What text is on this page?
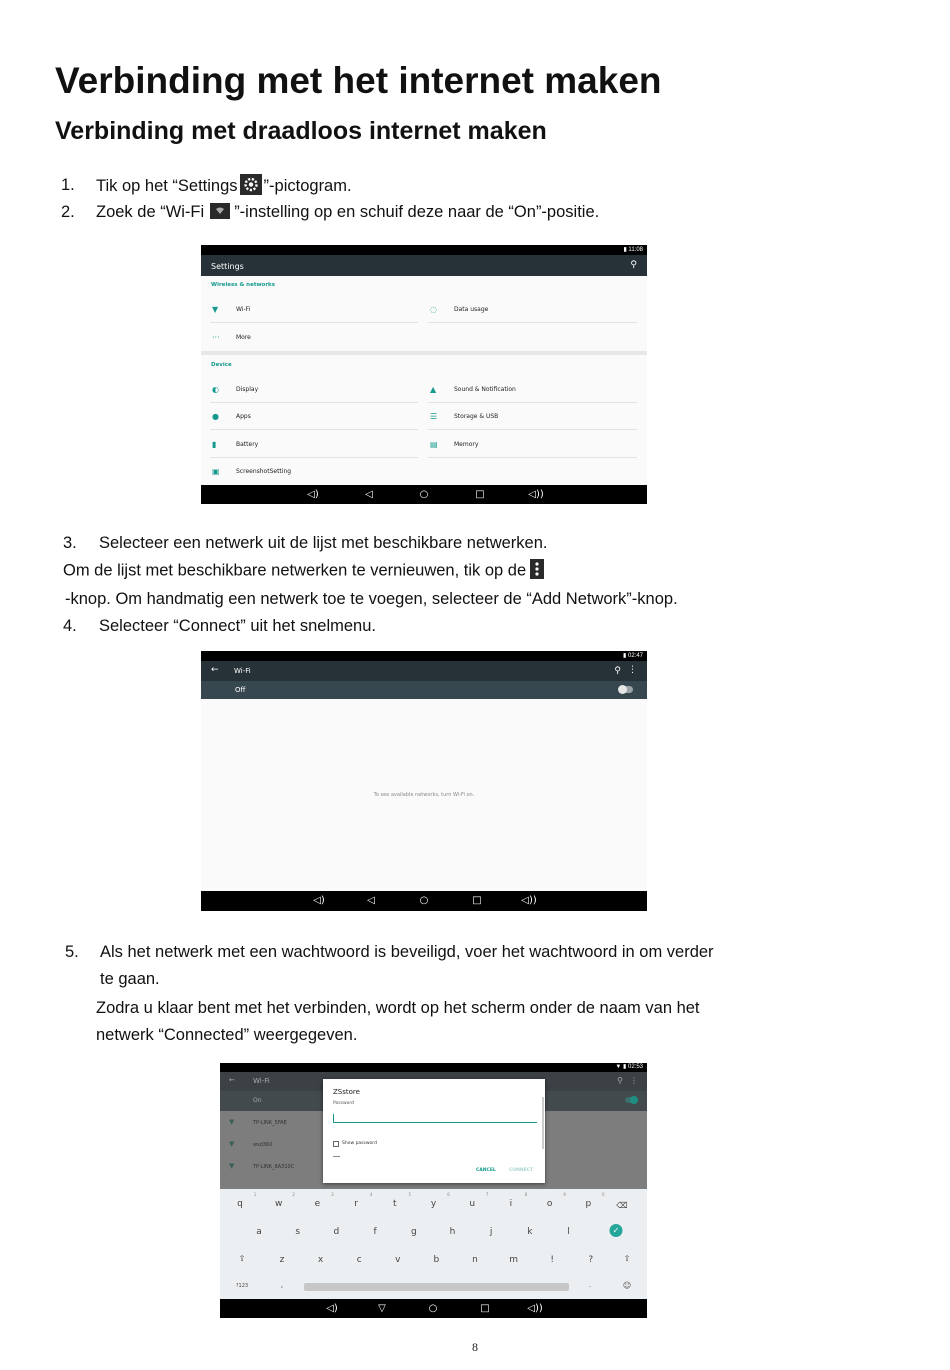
Verbinding met het internet maken
Verbinding met draadloos internet maken
1. Tik op het “Settings ”-pictogram.
2. Zoek de “Wi-Fi ”-instelling op en schuif deze naar de “On”-positie.
▮ 11:08
Settings	⚲
Wireless & networks
▼	Wi-Fi	◌	Data usage
···	More
Device
◐	Display	▲	Sound & Notification
●	Apps	☰	Storage & USB
▮	Battery	▤	Memory
▣	ScreenshotSetting
◁)	◁	○	□	◁))
3. Selecteer een netwerk uit de lijst met beschikbare netwerken.
Om de lijst met beschikbare netwerken te vernieuwen, tik op de
-knop. Om handmatig een netwerk toe te voegen, selecteer de “Add Network”-knop.
4. Selecteer “Connect” uit het snelmenu.
▮ 02:47
← Wi-Fi	⚲ ⋮
Off
To see available networks, turn Wi-Fi on.
◁)	◁	○	□	◁))
5. Als het netwerk met een wachtwoord is beveiligd, voer het wachtwoord in om verder
te gaan.
Zodra u klaar bent met het verbinden, wordt op het scherm onder de naam van het
netwerk “Connected” weergegeven.
▼ ▮ 02:53
←	Wi-Fi	⚲ ⋮
On
▼	TP-LINK_5FAE
▼	wsd360
▼	TP-LINK_8A310C
ZSstore
Password
Show password
CANCEL	CONNECT
q	w	e	r	t	y	u	i	o	p
1	2	3	4	5	6	7	8	9	0
a	s	d	f	g	h	j	k	l
z	x	c	v	b	n	m	!	?
⌫
✓
⇧	⇧
?123	,	.	☺
◁)	▽	○	□	◁))
8
